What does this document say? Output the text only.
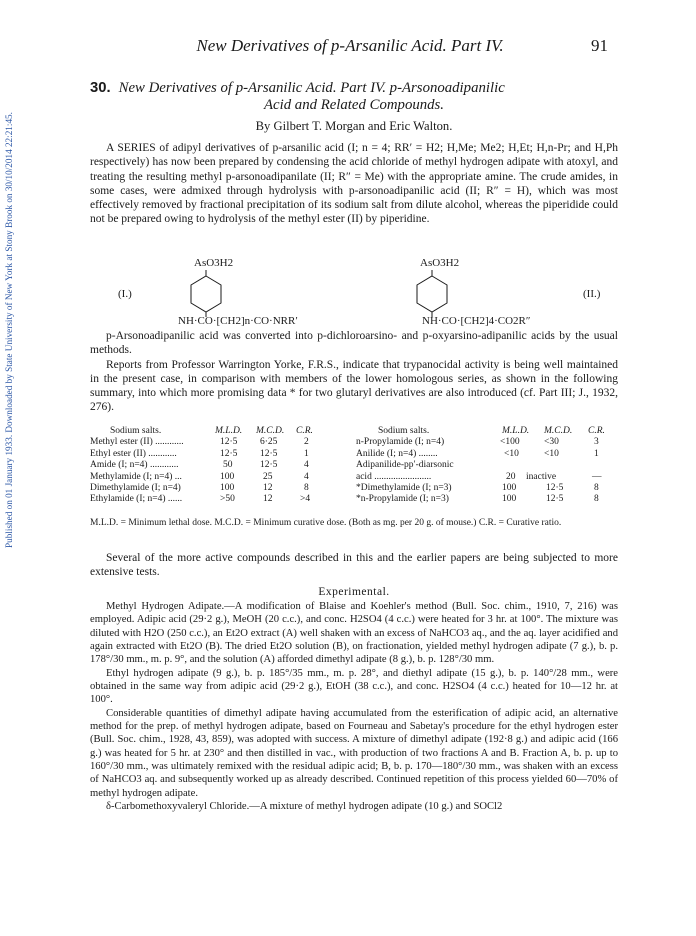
Published on 01 January 1933. Downloaded by State University of New York at Stony Brook on 30/10/2014 22:21:45.
New Derivatives of p-Arsanilic Acid. Part IV.	91
30. New Derivatives of p-Arsanilic Acid. Part IV. p-Arsonoadipanilic
Acid and Related Compounds.
By Gilbert T. Morgan and Eric Walton.

A SERIES of adipyl derivatives of p-arsanilic acid (I; n = 4; RR′ = H2; H,Me; Me2; H,Et; H,n-Pr; and H,Ph respectively) has now been prepared by condensing the acid chloride of methyl hydrogen adipate with atoxyl, and treating the resulting methyl p-arsonoadipanilate (II; R″ = Me) with the appropriate amine. The crude amides, in some cases, were admixed through hydrolysis with p-arsonoadipanilic acid (II; R″ = H), which was most effectively removed by fractional precipitation of its sodium salt from dilute alcohol, whereas the piperidide could not be prepared owing to hydrolysis of the methyl ester (II) by piperidine.

AsO3H2	AsO3H2
(I.)	(II.)
NH·CO·[CH2]n·CO·NRR′	NH·CO·[CH2]4·CO2R″

p-Arsonoadipanilic acid was converted into p-dichloroarsino- and p-oxyarsino-adipanilic acids by the usual methods.

Reports from Professor Warrington Yorke, F.R.S., indicate that trypanocidal activity is being well maintained in the present case, in comparison with members of the lower homologous series, as shown in the following summary, into which more promising data * for two glutaryl derivatives are also introduced (cf. Part III; J., 1932, 276).

Sodium salts.	M.L.D. M.C.D. C.R.
Methyl ester (II) ............	12·5 6·25	2
Ethyl ester (II) ............	12·5 12·5	1
Amide (I; n=4) ............	50	12·5	4
Methylamide (I; n=4) ...	100	25	4
Dimethylamide (I; n=4)	100	12	8
Ethylamide (I; n=4) ......	>50	12	>4
Sodium salts.	M.L.D. M.C.D. C.R.
n-Propylamide (I; n=4)	<100	<30	3
Anilide (I; n=4) ........	<10	<10	1
Adipanilide-pp′-diarsonic
acid ........................	20 inactive	—
*Dimethylamide (I; n=3)	100	12·5	8
*n-Propylamide (I; n=3)	100	12·5	8
M.L.D. = Minimum lethal dose. M.C.D. = Minimum curative dose. (Both as mg. per 20 g. of mouse.) C.R. = Curative ratio.

Several of the more active compounds described in this and the earlier papers are being subjected to more extensive tests.

Experimental.

Methyl Hydrogen Adipate.—A modification of Blaise and Koehler's method (Bull. Soc. chim., 1910, 7, 216) was employed. Adipic acid (29·2 g.), MeOH (20 c.c.), and conc. H2SO4 (4 c.c.) were heated for 3 hr. at 100°. The mixture was diluted with H2O (250 c.c.), an Et2O extract (A) well shaken with an excess of NaHCO3 aq., and the aq. layer acidified and again extracted with Et2O (B). The dried Et2O solution (B), on fractionation, yielded methyl hydrogen adipate (7 g.), b. p. 178°/30 mm., m. p. 9°, and the solution (A) afforded dimethyl adipate (8 g.), b. p. 128°/30 mm.

Ethyl hydrogen adipate (9 g.), b. p. 185°/35 mm., m. p. 28°, and diethyl adipate (15 g.), b. p. 140°/28 mm., were obtained in the same way from adipic acid (29·2 g.), EtOH (38 c.c.), and conc. H2SO4 (4 c.c.) heated for 10—12 hr. at 100°.

Considerable quantities of dimethyl adipate having accumulated from the esterification of adipic acid, an alternative method for the prep. of methyl hydrogen adipate, based on Fourneau and Sabetay's procedure for the ethyl hydrogen ester (Bull. Soc. chim., 1928, 43, 859), was adopted with success. A mixture of dimethyl adipate (192·8 g.) and adipic acid (166 g.) was heated for 5 hr. at 230° and then distilled in vac., with production of two fractions A and B. Fraction A, b. p. up to 160°/30 mm., was ultimately remixed with the residual adipic acid; B, b. p. 170—180°/30 mm., was shaken with an excess of NaHCO3 aq. and subsequently worked up as already described. Continued repetition of this process yielded 60—70% of methyl hydrogen adipate.

δ-Carbomethoxyvaleryl Chloride.—A mixture of methyl hydrogen adipate (10 g.) and SOCl2
